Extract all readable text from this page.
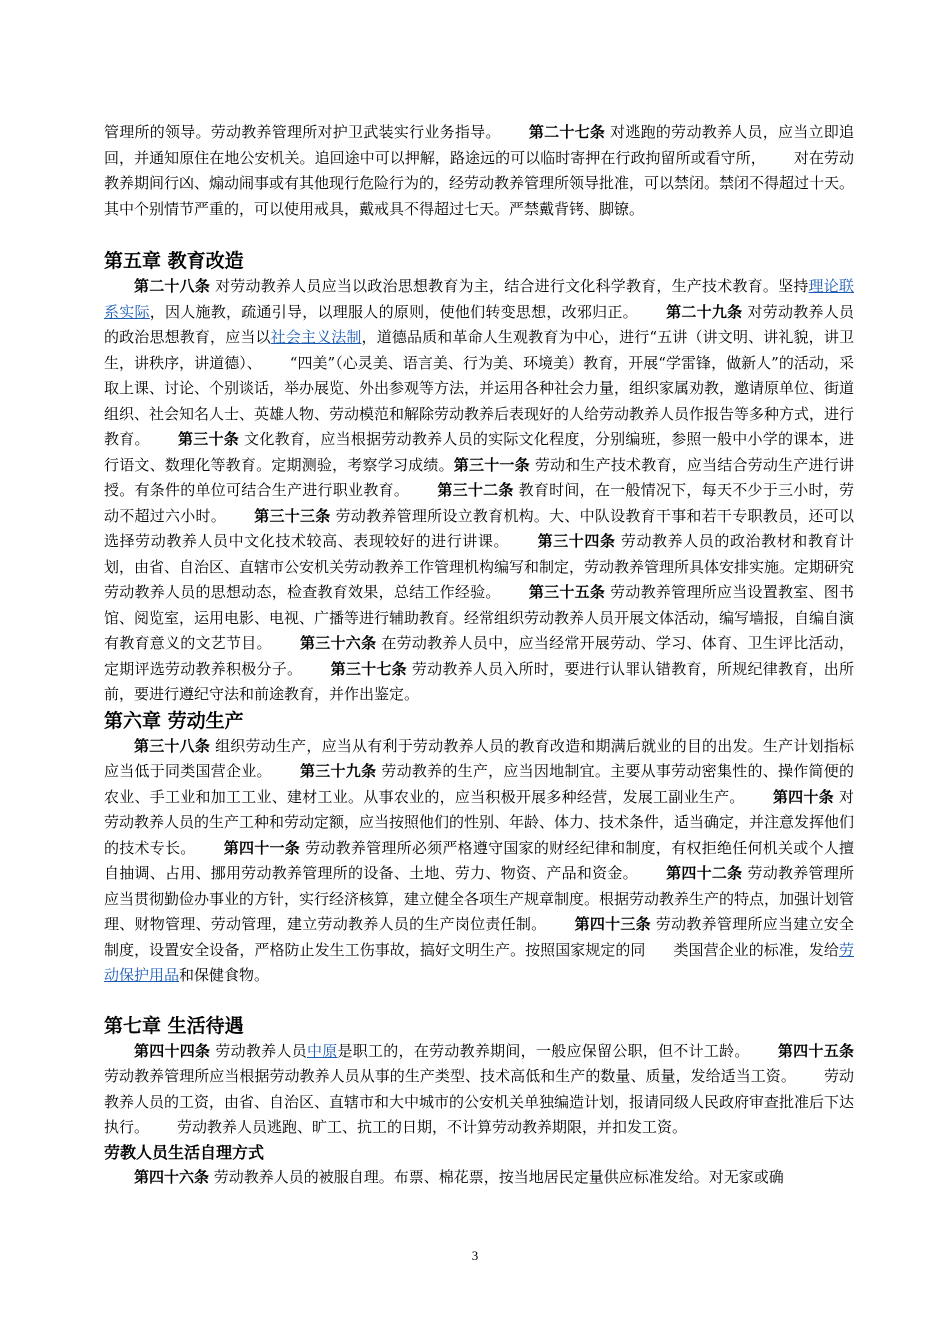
管理所的领导。劳动教养管理所对护卫武装实行业务指导。 第二十七条 对逃跑的劳动教养人员，应当立即追回，并通知原住在地公安机关。追回途中可以押解，路途远的可以临时寄押在行政拘留所或看守所， 对在劳动教养期间行凶、煽动闹事或有其他现行危险行为的，经劳动教养管理所领导批准，可以禁闭。禁闭不得超过十天。其中个别情节严重的，可以使用戒具，戴戒具不得超过七天。严禁戴背铐、脚镣。

第五章 教育改造

第二十八条 对劳动教养人员应当以政治思想教育为主，结合进行文化科学教育，生产技术教育。坚持理论联系实际，因人施教，疏通引导，以理服人的原则，使他们转变思想，改邪归正。 第二十九条 对劳动教养人员的政治思想教育，应当以社会主义法制，道德品质和革命人生观教育为中心，进行“五讲（讲文明、讲礼貌，讲卫生，讲秩序，讲道德）、 “四美”（心灵美、语言美、行为美、环境美）教育，开展“学雷锋，做新人”的活动，采取上课、讨论、个别谈话，举办展览、外出参观等方法，并运用各种社会力量，组织家属劝教，邀请原单位、街道组织、社会知名人士、英雄人物、劳动模范和解除劳动教养后表现好的人给劳动教养人员作报告等多种方式，进行教育。 第三十条 文化教育，应当根据劳动教养人员的实际文化程度，分别编班，参照一般中小学的课本，进行语文、数理化等教育。定期测验，考察学习成绩。第三十一条 劳动和生产技术教育，应当结合劳动生产进行讲授。有条件的单位可结合生产进行职业教育。 第三十二条 教育时间，在一般情况下，每天不少于三小时，劳动不超过六小时。 第三十三条 劳动教养管理所设立教育机构。大、中队设教育干事和若干专职教员，还可以选择劳动教养人员中文化技术较高、表现较好的进行讲课。 第三十四条 劳动教养人员的政治教材和教育计划，由省、自治区、直辖市公安机关劳动教养工作管理机构编写和制定，劳动教养管理所具体安排实施。定期研究劳动教养人员的思想动态，检查教育效果，总结工作经验。 第三十五条 劳动教养管理所应当设置教室、图书馆、阅览室，运用电影、电视、广播等进行辅助教育。经常组织劳动教养人员开展文体活动，编写墙报，自编自演有教育意义的文艺节目。 第三十六条 在劳动教养人员中，应当经常开展劳动、学习、体育、卫生评比活动，定期评选劳动教养积极分子。 第三十七条 劳动教养人员入所时，要进行认罪认错教育，所规纪律教育，出所前，要进行遵纪守法和前途教育，并作出鉴定。

第六章 劳动生产

第三十八条 组织劳动生产，应当从有利于劳动教养人员的教育改造和期满后就业的目的出发。生产计划指标应当低于同类国营企业。 第三十九条 劳动教养的生产，应当因地制宜。主要从事劳动密集性的、操作简便的农业、手工业和加工工业、建材工业。从事农业的，应当积极开展多种经营，发展工副业生产。 第四十条 对劳动教养人员的生产工种和劳动定额，应当按照他们的性别、年龄、体力、技术条件，适当确定，并注意发挥他们的技术专长。 第四十一条 劳动教养管理所必须严格遵守国家的财经纪律和制度，有权拒绝任何机关或个人擅自抽调、占用、挪用劳动教养管理所的设备、土地、劳力、物资、产品和资金。 第四十二条 劳动教养管理所应当贯彻勤俭办事业的方针，实行经济核算，建立健全各项生产规章制度。根据劳动教养生产的特点，加强计划管理、财物管理、劳动管理，建立劳动教养人员的生产岗位责任制。 第四十三条 劳动教养管理所应当建立安全制度，设置安全设备，严格防止发生工伤事故，搞好文明生产。按照国家规定的同 类国营企业的标准，发给劳动保护用品和保健食物。

第七章 生活待遇

第四十四条 劳动教养人员中原是职工的，在劳动教养期间，一般应保留公职，但不计工龄。 第四十五条 劳动教养管理所应当根据劳动教养人员从事的生产类型、技术高低和生产的数量、质量，发给适当工资。 劳动教养人员的工资，由省、自治区、直辖市和大中城市的公安机关单独编造计划，报请同级人民政府审查批准后下达执行。 劳动教养人员逃跑、旷工、抗工的日期，不计算劳动教养期限，并扣发工资。

劳教人员生活自理方式

第四十六条 劳动教养人员的被服自理。布票、棉花票，按当地居民定量供应标准发给。对无家或确

3
